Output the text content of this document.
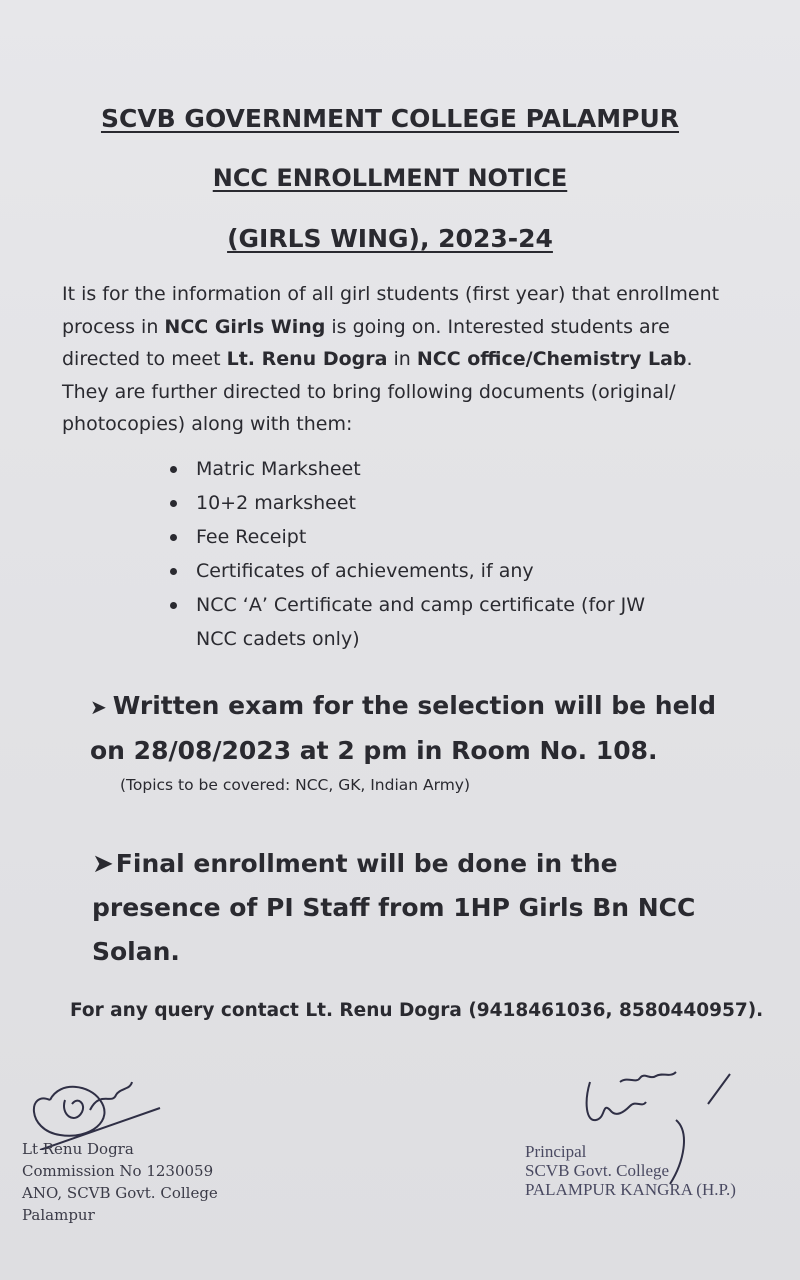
SCVB GOVERNMENT COLLEGE PALAMPUR
NCC ENROLLMENT NOTICE
(GIRLS WING), 2023-24
It is for the information of all girl students (first year) that enrollment process in NCC Girls Wing is going on. Interested students are directed to meet Lt. Renu Dogra in NCC office/Chemistry Lab. They are further directed to bring following documents (original/ photocopies) along with them:
Matric Marksheet
10+2 marksheet
Fee Receipt
Certificates of achievements, if any
NCC ‘A’ Certificate and camp certificate (for JW NCC cadets only)
➤ Written exam for the selection will be held on 28/08/2023 at 2 pm in Room No. 108.
(Topics to be covered: NCC, GK, Indian Army)
➤Final enrollment will be done in the presence of PI Staff from 1HP Girls Bn NCC Solan.
For any query contact Lt. Renu Dogra (9418461036, 8580440957).
Lt Renu Dogra
Commission No 1230059
ANO, SCVB Govt. College
Palampur
Principal
SCVB Govt. College
PALAMPUR KANGRA (H.P.)
